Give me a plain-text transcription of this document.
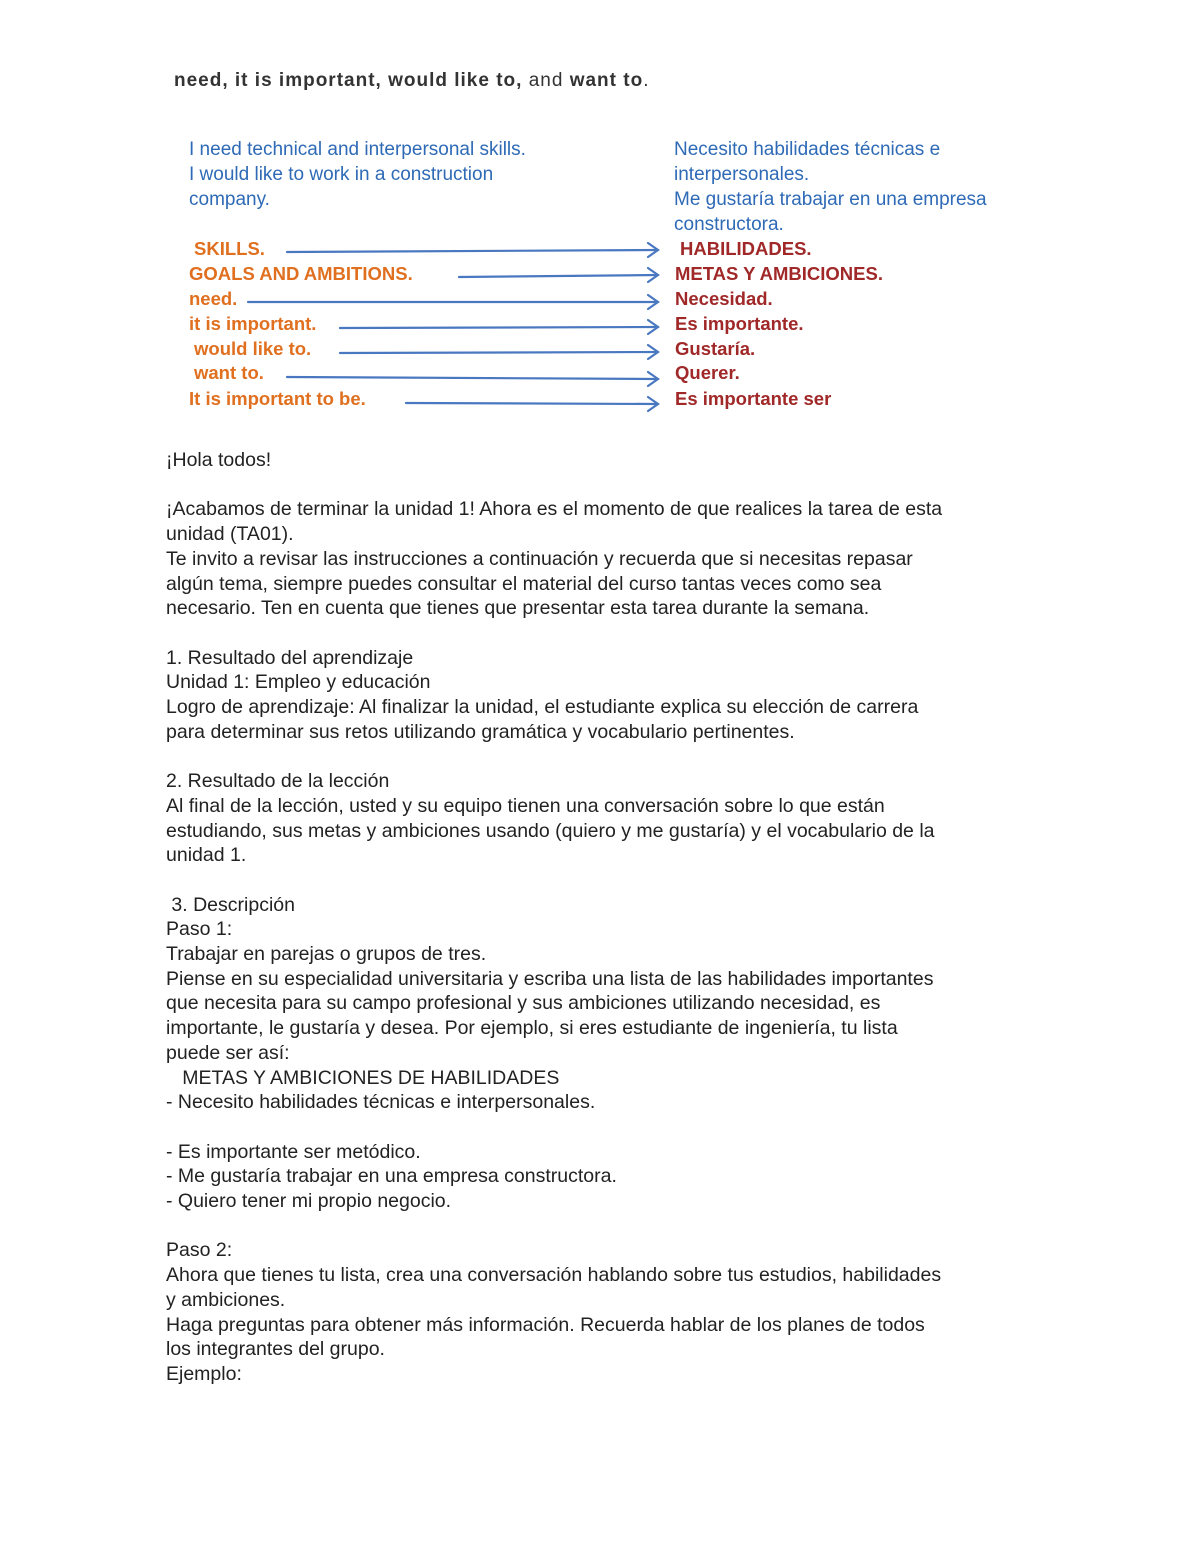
need, it is important, would like to, and want to.
I need technical and interpersonal skills.
I would like to work in a construction
company.
Necesito habilidades técnicas e
interpersonales.
Me gustaría trabajar en una empresa
constructora.
SKILLS.
GOALS AND AMBITIONS.
need.
it is important.
would like to.
want to.
It is important to be.
HABILIDADES.
METAS Y AMBICIONES.
Necesidad.
Es importante.
Gustaría.
Querer.
Es importante ser

¡Hola todos!

¡Acabamos de terminar la unidad 1! Ahora es el momento de que realices la tarea de esta

unidad (TA01).

Te invito a revisar las instrucciones a continuación y recuerda que si necesitas repasar

algún tema, siempre puedes consultar el material del curso tantas veces como sea

necesario. Ten en cuenta que tienes que presentar esta tarea durante la semana.

1. Resultado del aprendizaje

Unidad 1: Empleo y educación

Logro de aprendizaje: Al finalizar la unidad, el estudiante explica su elección de carrera

para determinar sus retos utilizando gramática y vocabulario pertinentes.

2. Resultado de la lección

Al final de la lección, usted y su equipo tienen una conversación sobre lo que están

estudiando, sus metas y ambiciones usando (quiero y me gustaría) y el vocabulario de la

unidad 1.

3. Descripción

Paso 1:

Trabajar en parejas o grupos de tres.

Piense en su especialidad universitaria y escriba una lista de las habilidades importantes

que necesita para su campo profesional y sus ambiciones utilizando necesidad, es

importante, le gustaría y desea. Por ejemplo, si eres estudiante de ingeniería, tu lista

puede ser así:

METAS Y AMBICIONES DE HABILIDADES

- Necesito habilidades técnicas e interpersonales.

- Es importante ser metódico.

- Me gustaría trabajar en una empresa constructora.

- Quiero tener mi propio negocio.

Paso 2:

Ahora que tienes tu lista, crea una conversación hablando sobre tus estudios, habilidades

y ambiciones.

Haga preguntas para obtener más información. Recuerda hablar de los planes de todos

los integrantes del grupo.

Ejemplo:
